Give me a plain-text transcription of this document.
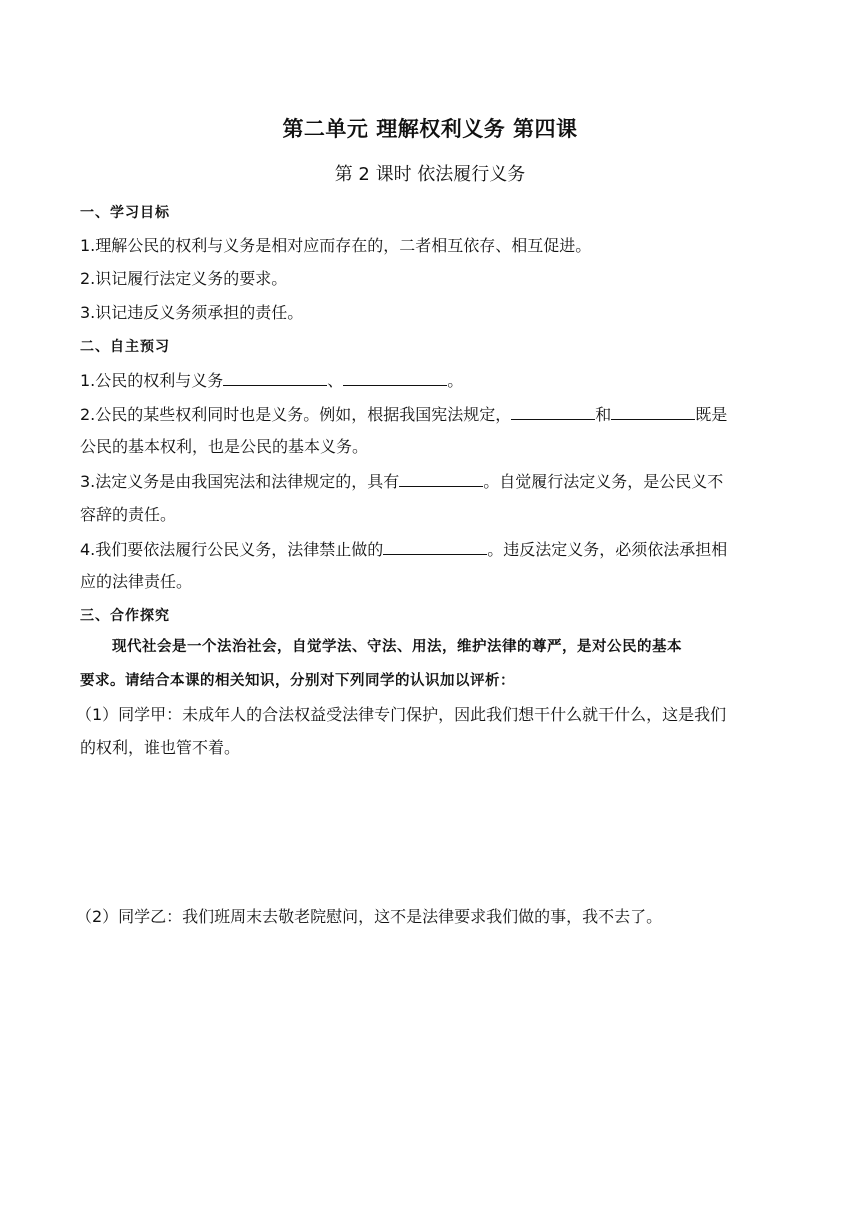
第二单元 理解权利义务 第四课
第 2 课时 依法履行义务
一、学习目标
1.理解公民的权利与义务是相对应而存在的，二者相互依存、相互促进。
2.识记履行法定义务的要求。
3.识记违反义务须承担的责任。
二、自主预习
1.公民的权利与义务	、	。
2.公民的某些权利同时也是义务。例如，根据我国宪法规定，	和	既是
公民的基本权利，也是公民的基本义务。
3.法定义务是由我国宪法和法律规定的，具有	。自觉履行法定义务，是公民义不
容辞的责任。
4.我们要依法履行公民义务，法律禁止做的	。违反法定义务，必须依法承担相
应的法律责任。
三、合作探究
现代社会是一个法治社会，自觉学法、守法、用法，维护法律的尊严，是对公民的基本
要求。请结合本课的相关知识，分别对下列同学的认识加以评析：
（1）同学甲：未成年人的合法权益受法律专门保护，因此我们想干什么就干什么，这是我们
的权利，谁也管不着。
（2）同学乙：我们班周末去敬老院慰问，这不是法律要求我们做的事，我不去了。
